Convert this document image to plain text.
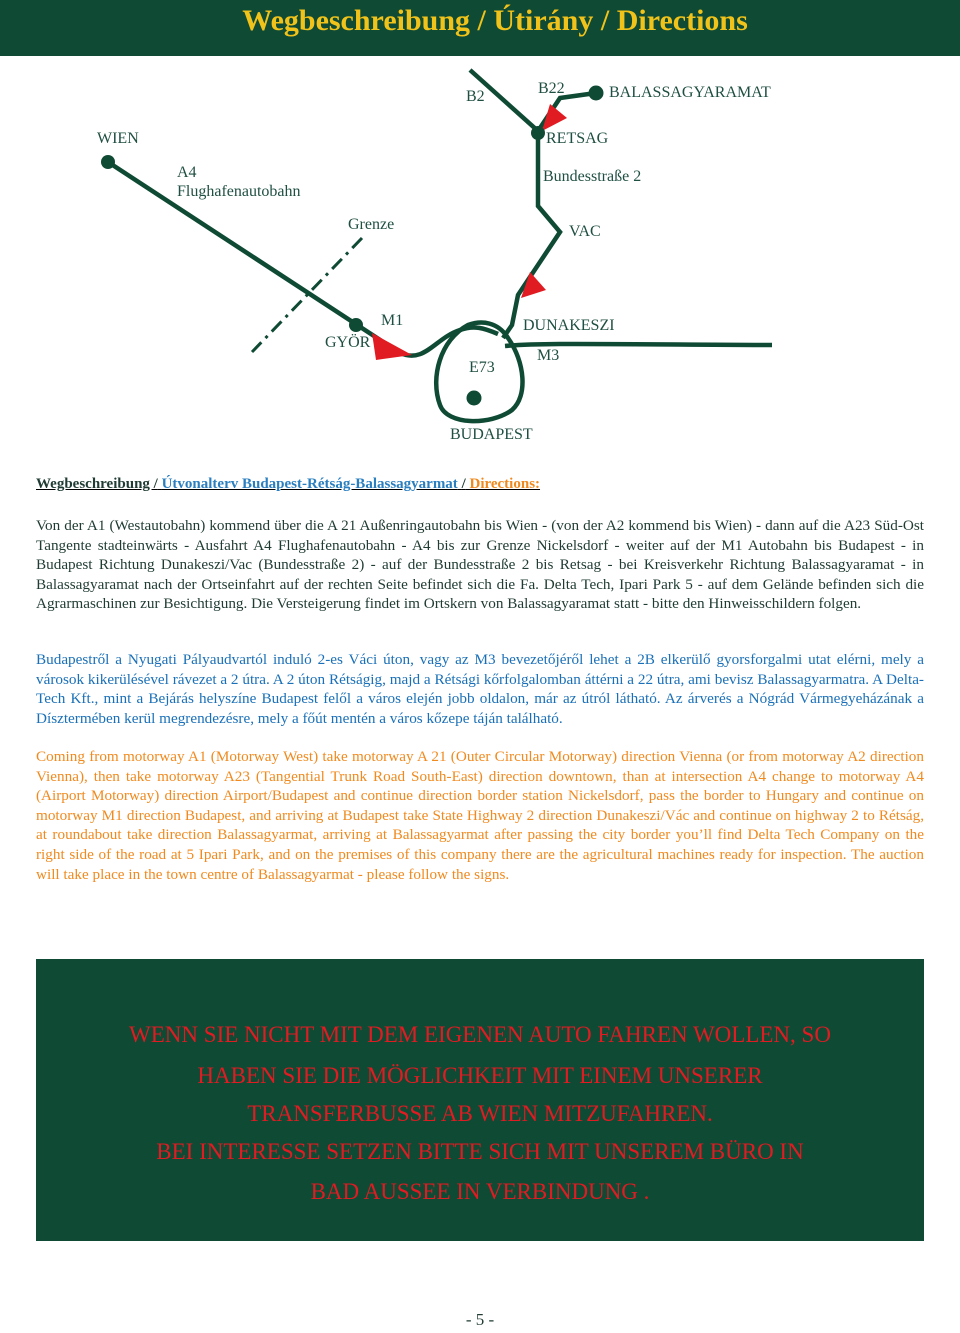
Wegbeschreibung / Útirány / Directions
B2	B22	BALASSAGYARAMAT
WIEN	RETSAG
A4
Flughafenautobahn
Bundesstraße 2
Grenze	VAC
M1	DUNAKESZI
GYÖR
M3
E73
BUDAPEST
Wegbeschreibung / Útvonalterv Budapest-Rétság-Balassagyarmat / Directions:

Von der A1 (Westautobahn) kommend über die A 21 Außenringautobahn bis Wien - (von der A2 kommend bis Wien) - dann auf die A23 Süd-Ost Tangente stadteinwärts - Ausfahrt A4 Flughafenautobahn - A4 bis zur Grenze Nickelsdorf - weiter auf der M1 Autobahn bis Budapest - in Budapest Richtung Dunakeszi/Vac (Bundesstraße 2) - auf der Bundesstraße 2 bis Retsag - bei Kreisverkehr Richtung Balassagyaramat - in Balassagyaramat nach der Ortseinfahrt auf der rechten Seite befindet sich die Fa. Delta Tech, Ipari Park 5 - auf dem Gelände befinden sich die Agrarmaschinen zur Besichtigung. Die Versteigerung findet im Ortskern von Balassagyaramat statt - bitte den Hinweisschildern folgen.

Budapestről a Nyugati Pályaudvartól induló 2-es Váci úton, vagy az M3 bevezetőjéről lehet a 2B elkerülő gyorsforgalmi utat elérni, mely a városok kikerülésével rávezet a 2 útra. A 2 úton Rétságig, majd a Rétsági kőrfolgalomban áttérni a 22 útra, ami bevisz Balassagyarmatra. A Delta-Tech Kft., mint a Bejárás helyszíne Budapest felől a város elején jobb oldalon, már az útról látható. Az árverés a Nógrád Vármegyeházának a Dísztermében kerül megrendezésre, mely a főút mentén a város kőzepe táján található.

Coming from motorway A1 (Motorway West) take motorway A 21 (Outer Circular Motorway) direction Vienna (or from motorway A2 direction Vienna), then take motorway A23 (Tangential Trunk Road South-East) direction downtown, than at intersection A4 change to motorway A4 (Airport Motorway) direction Airport/Budapest and continue direction border station Nickelsdorf, pass the border to Hungary and continue on motorway M1 direction Budapest, and arriving at Budapest take State Highway 2 direction Dunakeszi/Vác and continue on highway 2 to Rétság, at roundabout take direction Balassagyarmat, arriving at Balassagyarmat after passing the city border you’ll find Delta Tech Company on the right side of the road at 5 Ipari Park, and on the premises of this company there are the agricultural machines ready for inspection. The auction will take place in the town centre of Balassagyarmat - please follow the signs.

WENN SIE NICHT MIT DEM EIGENEN AUTO FAHREN WOLLEN, SO
HABEN SIE DIE MÖGLICHKEIT MIT EINEM UNSERER
TRANSFERBUSSE AB WIEN MITZUFAHREN.
BEI INTERESSE SETZEN BITTE SICH MIT UNSEREM BÜRO IN
BAD AUSSEE IN VERBINDUNG .
- 5 -
